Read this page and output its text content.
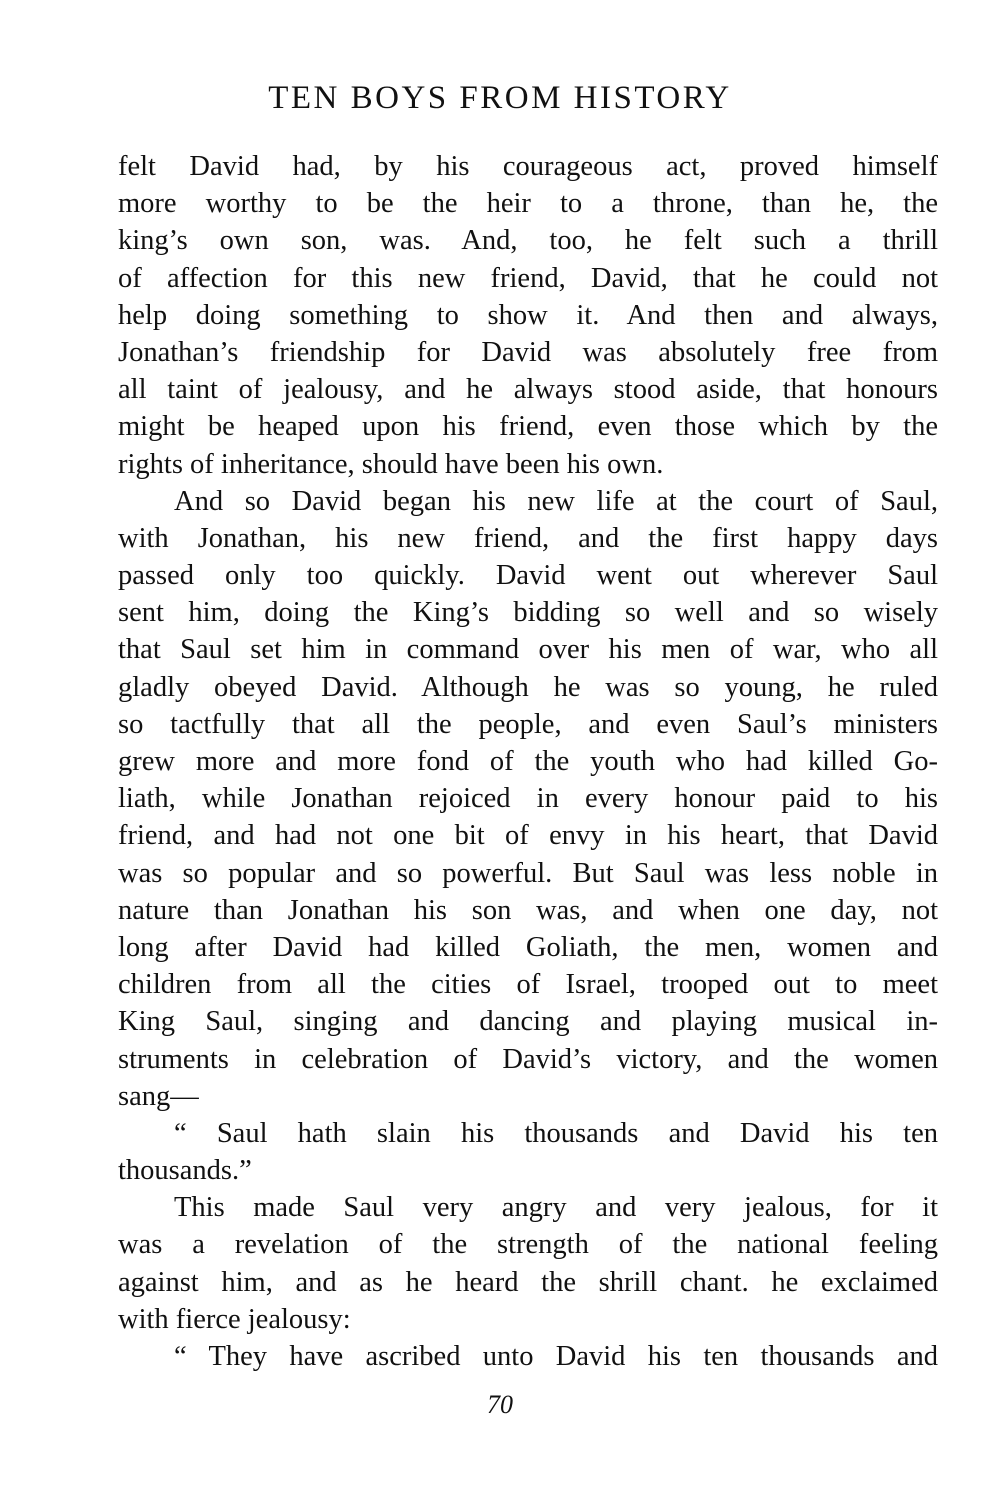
TEN BOYS FROM HISTORY
felt David had, by his courageous act, proved himself
more worthy to be the heir to a throne, than he, the
king’s own son, was. And, too, he felt such a thrill
of affection for this new friend, David, that he could not
help doing something to show it. And then and always,
Jonathan’s friendship for David was absolutely free from
all taint of jealousy, and he always stood aside, that honours
might be heaped upon his friend, even those which by the
rights of inheritance, should have been his own.
And so David began his new life at the court of Saul,
with Jonathan, his new friend, and the first happy days
passed only too quickly. David went out wherever Saul
sent him, doing the King’s bidding so well and so wisely
that Saul set him in command over his men of war, who all
gladly obeyed David. Although he was so young, he ruled
so tactfully that all the people, and even Saul’s ministers
grew more and more fond of the youth who had killed Go-
liath, while Jonathan rejoiced in every honour paid to his
friend, and had not one bit of envy in his heart, that David
was so popular and so powerful. But Saul was less noble in
nature than Jonathan his son was, and when one day, not
long after David had killed Goliath, the men, women and
children from all the cities of Israel, trooped out to meet
King Saul, singing and dancing and playing musical in-
struments in celebration of David’s victory, and the women
sang—
“ Saul hath slain his thousands and David his ten
thousands.”
This made Saul very angry and very jealous, for it
was a revelation of the strength of the national feeling
against him, and as he heard the shrill chant. he exclaimed
with fierce jealousy:
“ They have ascribed unto David his ten thousands and
70
